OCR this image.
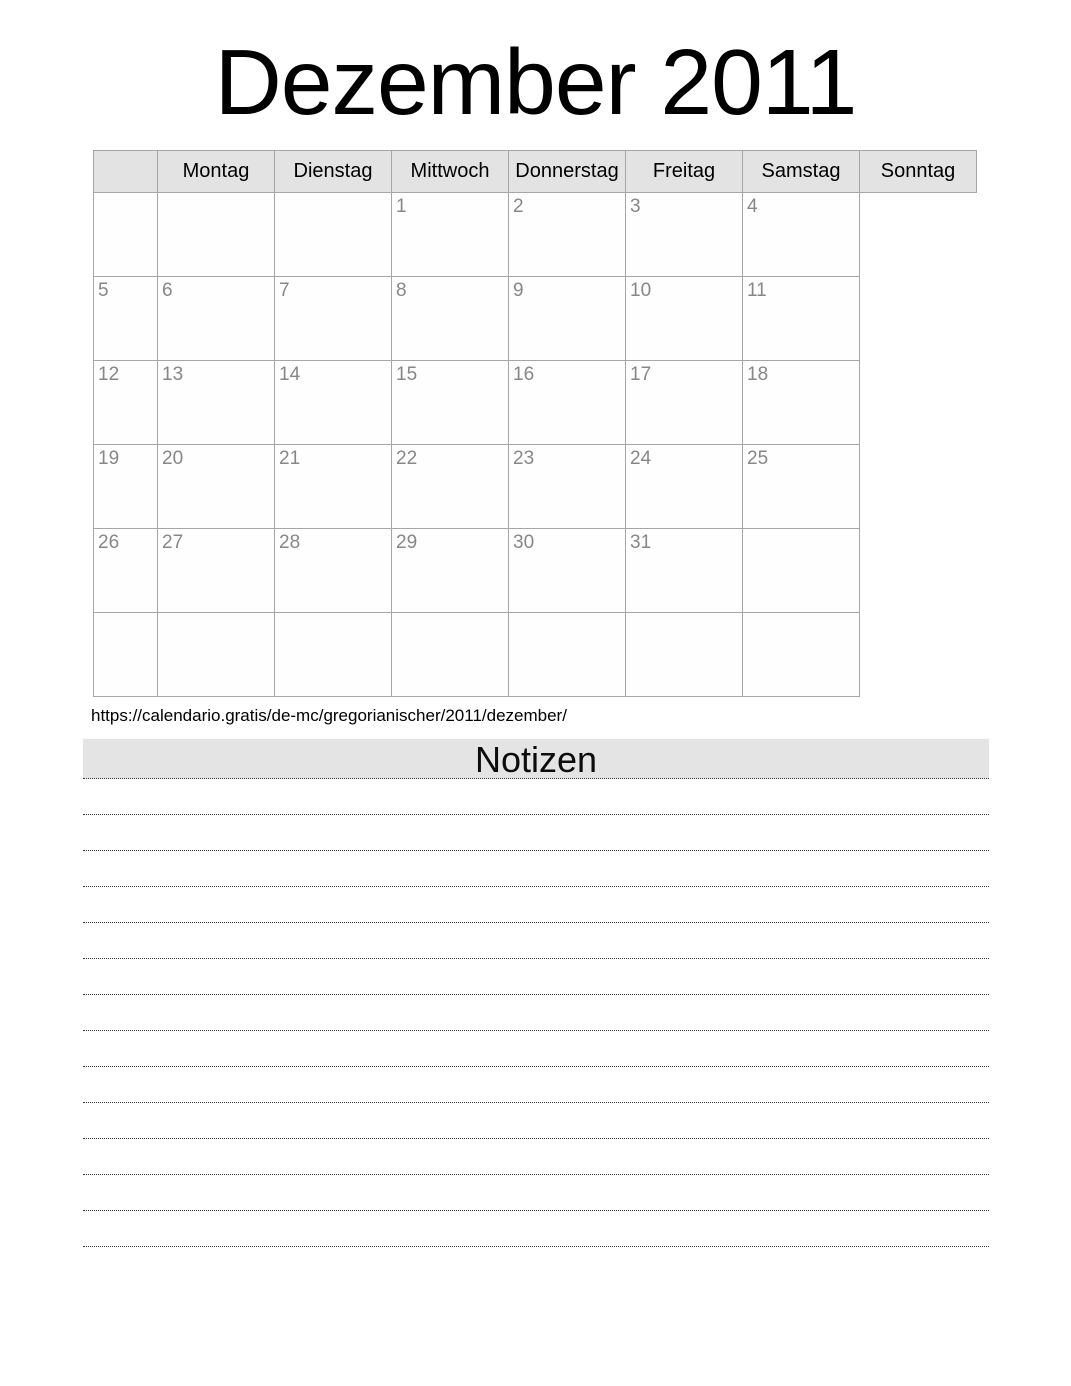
Dezember 2011
	Montag	Dienstag	Mittwoch	Donnerstag	Freitag	Samstag	Sonntag
			1	2	3	4	
5	6	7	8	9	10	11	
12	13	14	15	16	17	18	
19	20	21	22	23	24	25	
26	27	28	29	30	31		

https://calendario.gratis/de-mc/gregorianischer/2011/dezember/

Notizen
